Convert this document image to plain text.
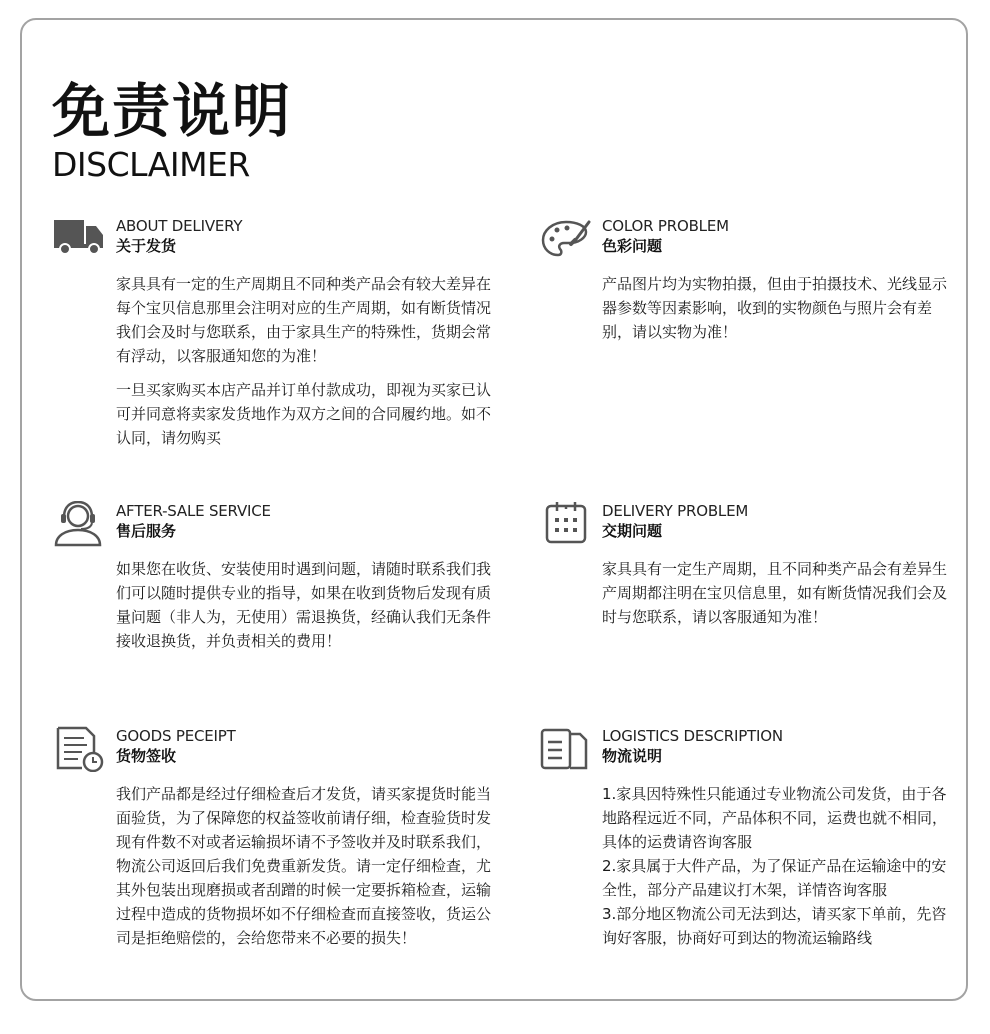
免责说明
DISCLAIMER
ABOUT DELIVERY
关于发货

家具具有一定的生产周期且不同种类产品会有较大差异在每个宝贝信息那里会注明对应的生产周期，如有断货情况我们会及时与您联系，由于家具生产的特殊性，货期会常有浮动，以客服通知您的为准！

一旦买家购买本店产品并订单付款成功，即视为买家已认可并同意将卖家发货地作为双方之间的合同履约地。如不认同，请勿购买

COLOR PROBLEM
色彩问题

产品图片均为实物拍摄，但由于拍摄技术、光线显示器参数等因素影响，收到的实物颜色与照片会有差别，请以实物为准！

AFTER-SALE SERVICE
售后服务

如果您在收货、安装使用时遇到问题，请随时联系我们我们可以随时提供专业的指导，如果在收到货物后发现有质量问题（非人为，无使用）需退换货，经确认我们无条件接收退换货，并负责相关的费用！

DELIVERY PROBLEM
交期问题

家具具有一定生产周期，且不同种类产品会有差异生产周期都注明在宝贝信息里，如有断货情况我们会及时与您联系，请以客服通知为准！

GOODS PECEIPT
货物签收

我们产品都是经过仔细检查后才发货，请买家提货时能当面验货，为了保障您的权益签收前请仔细，检查验货时发现有件数不对或者运输损坏请不予签收并及时联系我们，物流公司返回后我们免费重新发货。请一定仔细检查，尤其外包装出现磨损或者刮蹭的时候一定要拆箱检查，运输过程中造成的货物损坏如不仔细检查而直接签收，货运公司是拒绝赔偿的，会给您带来不必要的损失！

LOGISTICS DESCRIPTION
物流说明

1.家具因特殊性只能通过专业物流公司发货，由于各地路程远近不同，产品体积不同，运费也就不相同，具体的运费请咨询客服

2.家具属于大件产品，为了保证产品在运输途中的安全性，部分产品建议打木架，详情咨询客服

3.部分地区物流公司无法到达，请买家下单前，先咨询好客服，协商好可到达的物流运输路线
